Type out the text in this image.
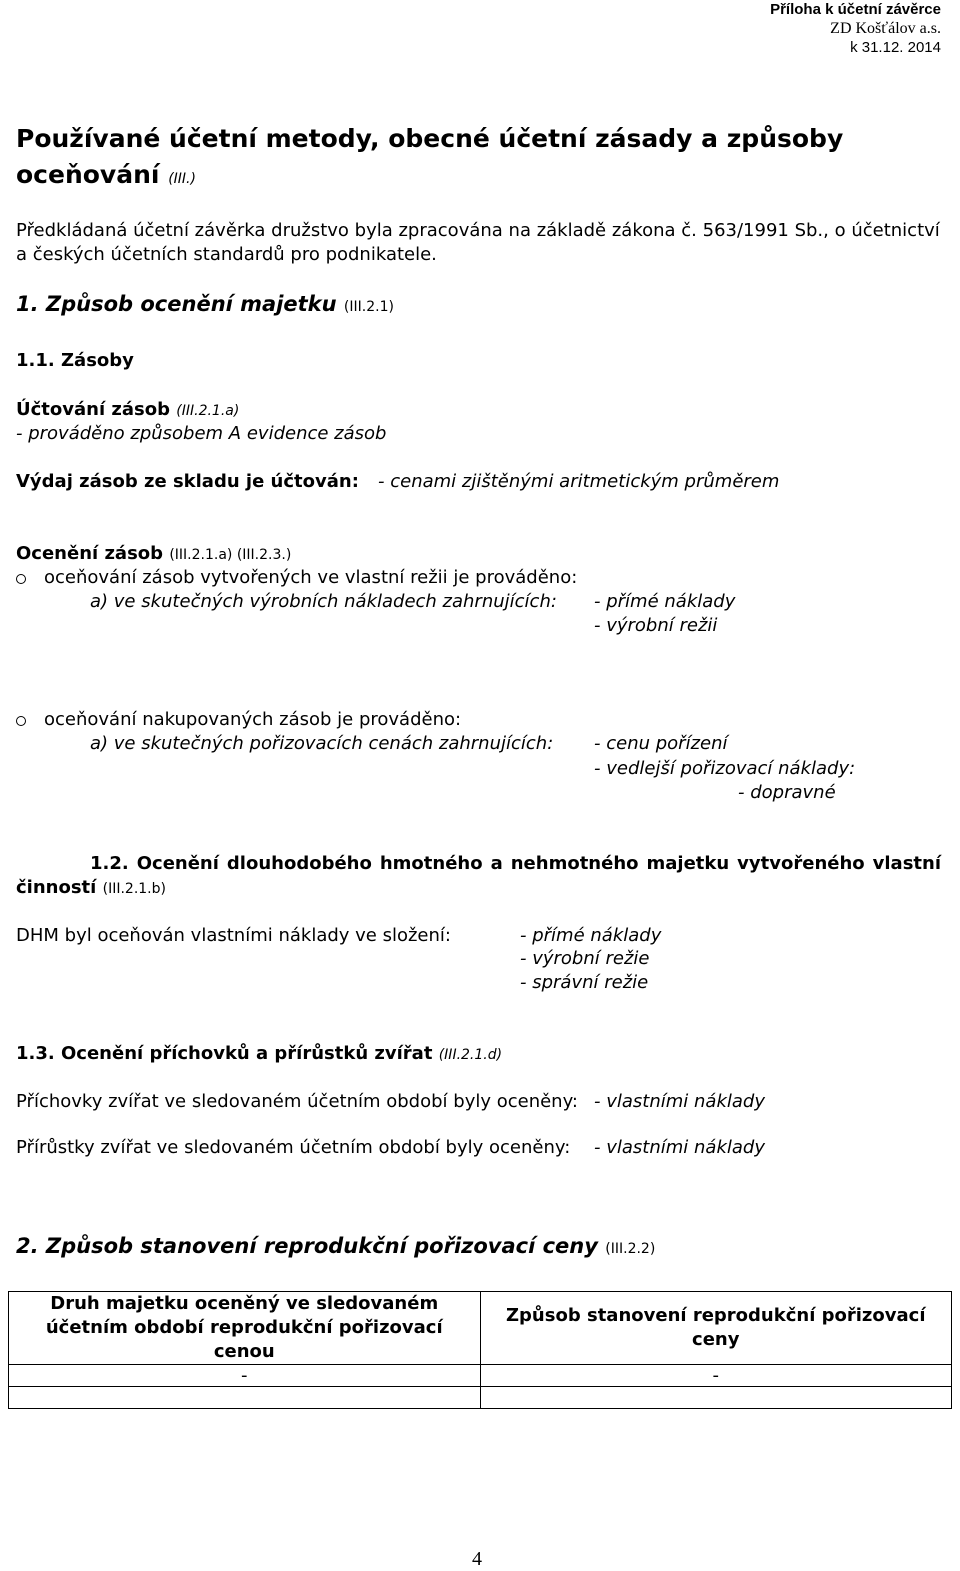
Příloha k účetní závěrce
ZD Košťálov a.s.
k 31.12. 2014
Používané účetní metody, obecné účetní zásady a způsoby
oceňování (III.)
Předkládaná účetní závěrka družstvo byla zpracována na základě zákona č. 563/1991 Sb., o účetnictví
a českých účetních standardů pro podnikatele.
1. Způsob ocenění majetku (III.2.1)
1.1. Zásoby
Účtování zásob (III.2.1.a)
- prováděno způsobem A evidence zásob
Výdaj zásob ze skladu je účtován: - cenami zjištěnými aritmetickým průměrem
Ocenění zásob (III.2.1.a) (III.2.3.)
oceňování zásob vytvořených ve vlastní režii je prováděno:
a) ve skutečných výrobních nákladech zahrnujících: - přímé náklady
- výrobní režii
oceňování nakupovaných zásob je prováděno:
a) ve skutečných pořizovacích cenách zahrnujících: - cenu pořízení
- vedlejší pořizovací náklady:
- dopravné
1.2. Ocenění dlouhodobého hmotného a nehmotného majetku vytvořeného vlastní
činností (III.2.1.b)
DHM byl oceňován vlastními náklady ve složení:	- přímé náklady
- výrobní režie
- správní režie
1.3. Ocenění příchovků a přírůstků zvířat (III.2.1.d)
Příchovky zvířat ve sledovaném účetním období byly oceněny: - vlastními náklady
Přírůstky zvířat ve sledovaném účetním období byly oceněny: - vlastními náklady
2. Způsob stanovení reprodukční pořizovací ceny (III.2.2)
Druh majetku oceněný ve sledovaném účetním období reprodukční pořizovací cenou	Způsob stanovení reprodukční pořizovací ceny
-	-

4
